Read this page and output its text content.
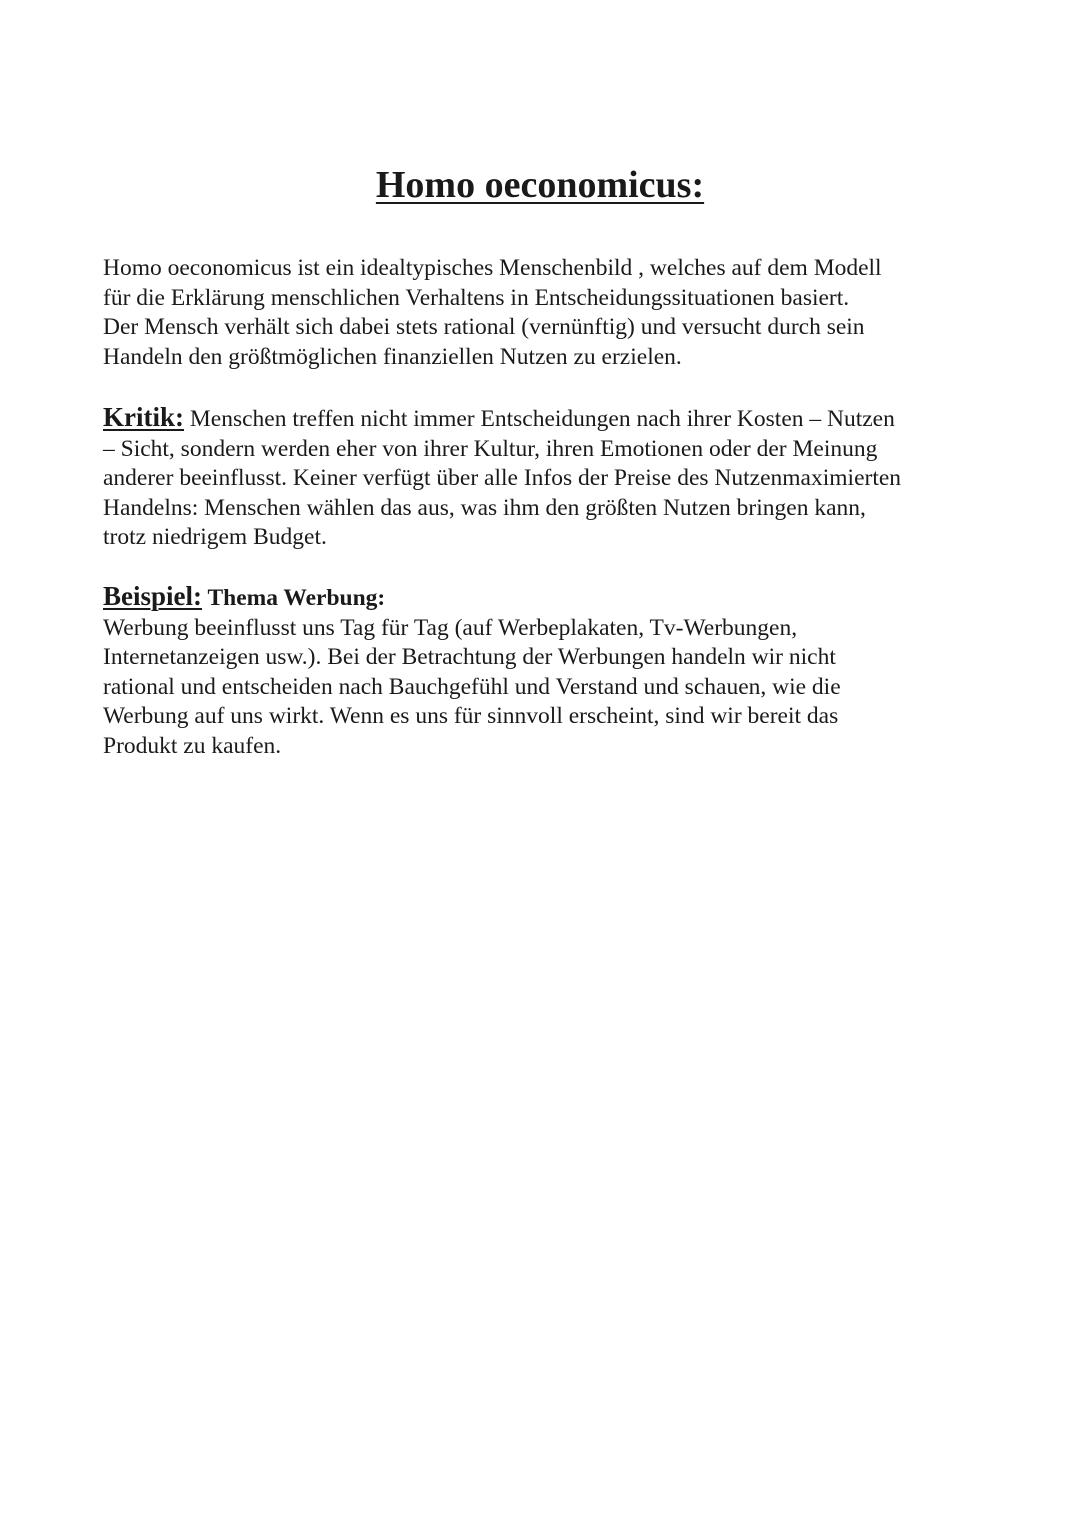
Homo oeconomicus:

Homo oeconomicus ist ein idealtypisches Menschenbild , welches auf dem Modell

für die Erklärung menschlichen Verhaltens in Entscheidungssituationen basiert.

Der Mensch verhält sich dabei stets rational (vernünftig) und versucht durch sein

Handeln den größtmöglichen finanziellen Nutzen zu erzielen.

Kritik: Menschen treffen nicht immer Entscheidungen nach ihrer Kosten – Nutzen

– Sicht, sondern werden eher von ihrer Kultur, ihren Emotionen oder der Meinung

anderer beeinflusst. Keiner verfügt über alle Infos der Preise des Nutzenmaximierten

Handelns: Menschen wählen das aus, was ihm den größten Nutzen bringen kann,

trotz niedrigem Budget.

Beispiel: Thema Werbung:

Werbung beeinflusst uns Tag für Tag (auf Werbeplakaten, Tv-Werbungen,

Internetanzeigen usw.). Bei der Betrachtung der Werbungen handeln wir nicht

rational und entscheiden nach Bauchgefühl und Verstand und schauen, wie die

Werbung auf uns wirkt. Wenn es uns für sinnvoll erscheint, sind wir bereit das

Produkt zu kaufen.
